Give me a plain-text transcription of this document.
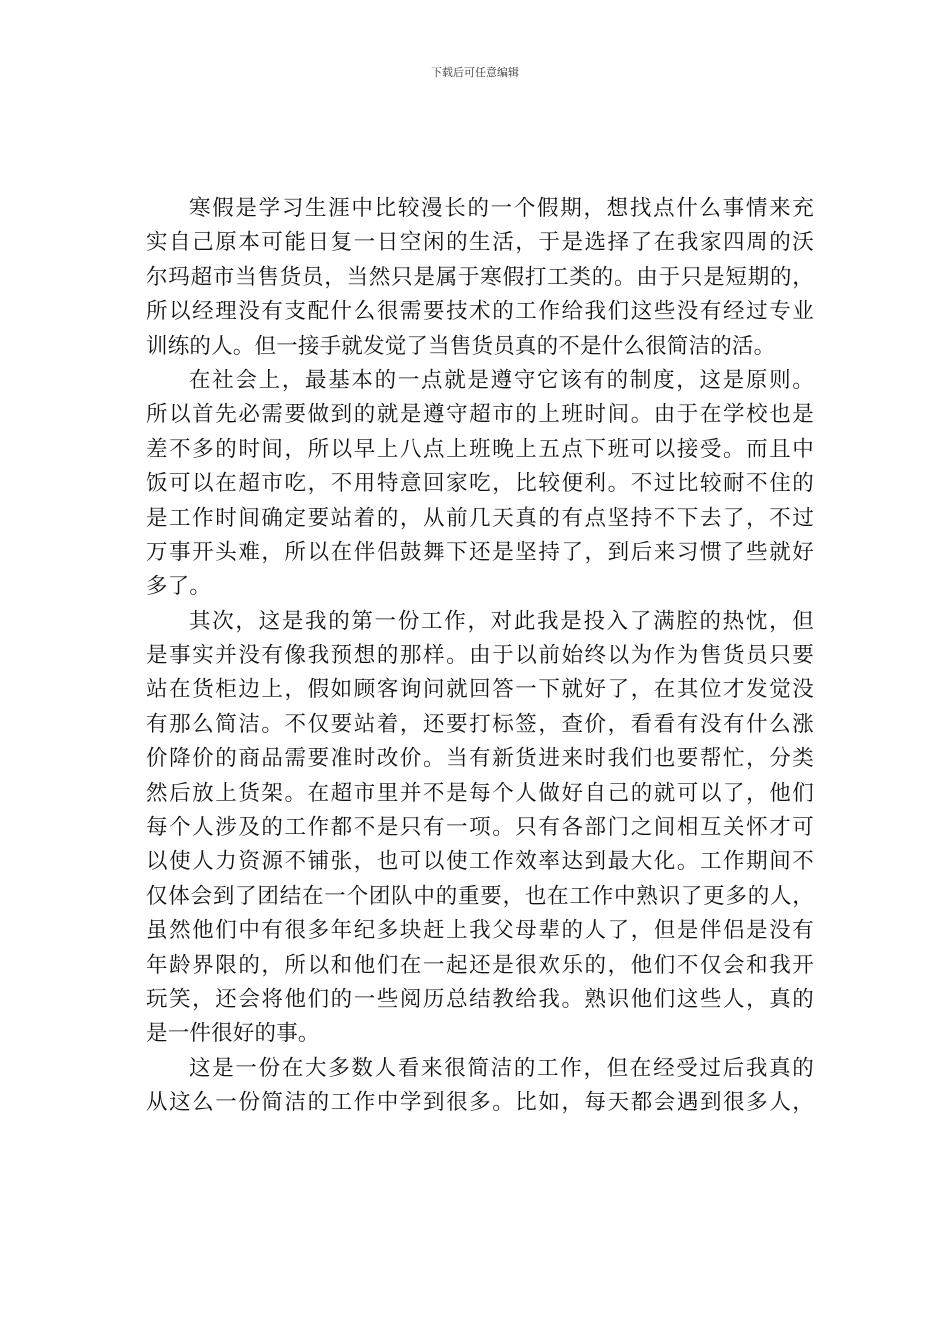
下载后可任意编辑

寒假是学习生涯中比较漫长的一个假期，想找点什么事情来充
实自己原本可能日复一日空闲的生活，于是选择了在我家四周的沃
尔玛超市当售货员，当然只是属于寒假打工类的。由于只是短期的，
所以经理没有支配什么很需要技术的工作给我们这些没有经过专业
训练的人。但一接手就发觉了当售货员真的不是什么很简洁的活。

在社会上，最基本的一点就是遵守它该有的制度，这是原则。
所以首先必需要做到的就是遵守超市的上班时间。由于在学校也是
差不多的时间，所以早上八点上班晚上五点下班可以接受。而且中
饭可以在超市吃，不用特意回家吃，比较便利。不过比较耐不住的
是工作时间确定要站着的，从前几天真的有点坚持不下去了，不过
万事开头难，所以在伴侣鼓舞下还是坚持了，到后来习惯了些就好
多了。

其次，这是我的第一份工作，对此我是投入了满腔的热忱，但
是事实并没有像我预想的那样。由于以前始终以为作为售货员只要
站在货柜边上，假如顾客询问就回答一下就好了，在其位才发觉没
有那么简洁。不仅要站着，还要打标签，查价，看看有没有什么涨
价降价的商品需要准时改价。当有新货进来时我们也要帮忙，分类
然后放上货架。在超市里并不是每个人做好自己的就可以了，他们
每个人涉及的工作都不是只有一项。只有各部门之间相互关怀才可
以使人力资源不铺张，也可以使工作效率达到最大化。工作期间不
仅体会到了团结在一个团队中的重要，也在工作中熟识了更多的人，
虽然他们中有很多年纪多块赶上我父母辈的人了，但是伴侣是没有
年龄界限的，所以和他们在一起还是很欢乐的，他们不仅会和我开
玩笑，还会将他们的一些阅历总结教给我。熟识他们这些人，真的
是一件很好的事。

这是一份在大多数人看来很简洁的工作，但在经受过后我真的
从这么一份简洁的工作中学到很多。比如，每天都会遇到很多人，
